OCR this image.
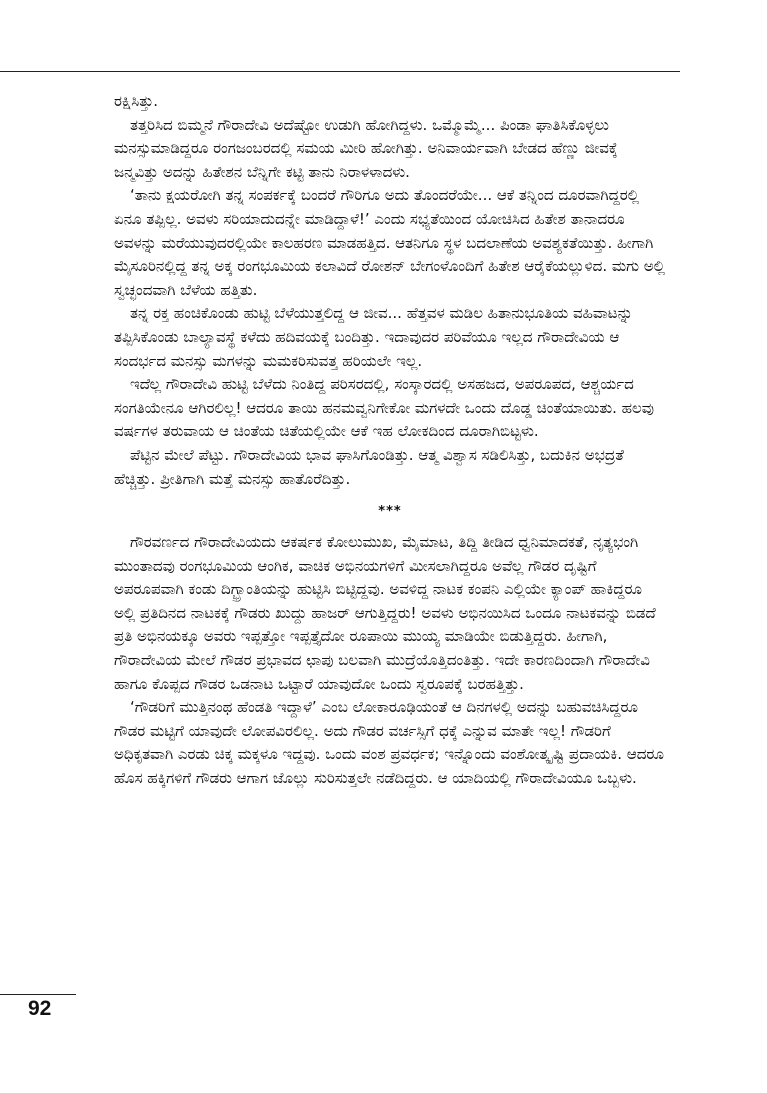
ರಕ್ಷಿಸಿತ್ತು.

ತತ್ತರಿಸಿದ ಬಿಮ್ಮನೆ ಗೌರಾದೇವಿ ಅದೆಷ್ಟೋ ಉಡುಗಿ ಹೋಗಿದ್ದಳು. ಒಮ್ಮೊಮ್ಮೆ... ಪಿಂಡಾ ಘಾತಿಸಿಕೊಳ್ಳಲು ಮನಸ್ಸುಮಾಡಿದ್ದರೂ ರಂಗಜಂಬರದಲ್ಲಿ ಸಮಯ ಮೀರಿ ಹೋಗಿತ್ತು. ಅನಿವಾರ್ಯವಾಗಿ ಬೇಡದ ಹೆಣ್ಣು ಜೀವಕ್ಕೆ ಜನ್ಮವಿತ್ತು ಅದನ್ನು ಹಿತೇಶನ ಬೆನ್ನಿಗೇ ಕಟ್ಟಿ ತಾನು ನಿರಾಳಳಾದಳು.

‘ತಾನು ಕ್ಷಯರೋಗಿ ತನ್ನ ಸಂಪರ್ಕಕ್ಕೆ ಬಂದರೆ ಗೌರಿಗೂ ಅದು ತೊಂದರೆಯೇ... ಆಕೆ ತನ್ನಿಂದ ದೂರವಾಗಿದ್ದರಲ್ಲಿ ಏನೂ ತಪ್ಪಿಲ್ಲ. ಅವಳು ಸರಿಯಾದುದನ್ನೇ ಮಾಡಿದ್ದಾಳೆ!’ ಎಂದು ಸಭ್ಯತೆಯಿಂದ ಯೋಚಿಸಿದ ಹಿತೇಶ ತಾನಾದರೂ ಅವಳನ್ನು ಮರೆಯುವುದರಲ್ಲಿಯೇ ಕಾಲಹರಣ ಮಾಡಹತ್ತಿದ. ಆತನಿಗೂ ಸ್ಥಳ ಬದಲಾಣೆಯ ಅವಶ್ಯಕತೆಯಿತ್ತು. ಹೀಗಾಗಿ ಮೈಸೂರಿನಲ್ಲಿದ್ದ ತನ್ನ ಅಕ್ಕ ರಂಗಭೂಮಿಯ ಕಲಾವಿದೆ ರೋಶನ್ ಬೇಗಂಳೊಂದಿಗೆ ಹಿತೇಶ ಆರೈಕೆಯಲ್ಲುಳಿದ. ಮಗು ಅಲ್ಲಿ ಸ್ವಚ್ಛಂದವಾಗಿ ಬೆಳೆಯ ಹತ್ತಿತು.

ತನ್ನ ರಕ್ತ ಹಂಚಿಕೊಂಡು ಹುಟ್ಟಿ ಬೆಳೆಯುತ್ತಲಿದ್ದ ಆ ಜೀವ... ಹೆತ್ತವಳ ಮಡಿಲ ಹಿತಾನುಭೂತಿಯ ವಹಿವಾಟನ್ನು ತಪ್ಪಿಸಿಕೊಂಡು ಬಾಲ್ಯಾವಸ್ಥೆ ಕಳೆದು ಹದಿವಯಕ್ಕೆ ಬಂದಿತ್ತು. ಇದಾವುದರ ಪರಿವೆಯೂ ಇಲ್ಲದ ಗೌರಾದೇವಿಯ ಆ ಸಂದರ್ಭದ ಮನಸ್ಸು ಮಗಳನ್ನು ಮಮಕರಿಸುವತ್ತ ಹರಿಯಲೇ ಇಲ್ಲ.

ಇದೆಲ್ಲ ಗೌರಾದೇವಿ ಹುಟ್ಟಿ ಬೆಳೆದು ನಿಂತಿದ್ದ ಪರಿಸರದಲ್ಲಿ, ಸಂಸ್ಕಾರದಲ್ಲಿ ಅಸಹಜದ, ಅಪರೂಪದ, ಆಶ್ಚರ್ಯದ ಸಂಗತಿಯೇನೂ ಆಗಿರಲಿಲ್ಲ! ಆದರೂ ತಾಯಿ ಹನಮವ್ವನಿಗೇಕೋ ಮಗಳದೇ ಒಂದು ದೊಡ್ಡ ಚಿಂತೆಯಾಯಿತು. ಹಲವು ವರ್ಷಗಳ ತರುವಾಯ ಆ ಚಿಂತೆಯ ಚಿತೆಯಲ್ಲಿಯೇ ಆಕೆ ಇಹ ಲೋಕದಿಂದ ದೂರಾಗಿಬಿಟ್ಟಳು.

ಪೆಟ್ಟಿನ ಮೇಲೆ ಪೆಟ್ಟು. ಗೌರಾದೇವಿಯ ಭಾವ ಘಾಸಿಗೊಂಡಿತ್ತು. ಆತ್ಮ ವಿಶ್ವಾಸ ಸಡಿಲಿಸಿತ್ತು, ಬದುಕಿನ ಅಭದ್ರತೆ ಹೆಚ್ಚಿತ್ತು. ಪ್ರೀತಿಗಾಗಿ ಮತ್ತೆ ಮನಸ್ಸು ಹಾತೊರೆದಿತ್ತು.

***

ಗೌರವರ್ಣದ ಗೌರಾದೇವಿಯದು ಆಕರ್ಷಕ ಕೋಲುಮುಖ, ಮೈಮಾಟ, ತಿದ್ದಿ ತೀಡಿದ ಧ್ವನಿಮಾದಕತೆ, ನೃತ್ಯಭಂಗಿ ಮುಂತಾದವು ರಂಗಭೂಮಿಯ ಆಂಗಿಕ, ವಾಚಿಕ ಅಭಿನಯಗಳಿಗೆ ಮೀಸಲಾಗಿದ್ದರೂ ಅವೆಲ್ಲ ಗೌಡರ ದೃಷ್ಟಿಗೆ ಅಪರೂಪವಾಗಿ ಕಂಡು ದಿಗ್ಭ್ರಾಂತಿಯನ್ನು ಹುಟ್ಟಿಸಿ ಬಿಟ್ಟಿದ್ದವು. ಅವಳಿದ್ದ ನಾಟಕ ಕಂಪನಿ ಎಲ್ಲಿಯೇ ಕ್ಯಾಂಪ್ ಹಾಕಿದ್ದರೂ ಅಲ್ಲಿ ಪ್ರತಿದಿನದ ನಾಟಕಕ್ಕೆ ಗೌಡರು ಖುದ್ದು ಹಾಜರ್ ಆಗುತ್ತಿದ್ದರು! ಅವಳು ಅಭಿನಯಿಸಿದ ಒಂದೂ ನಾಟಕವನ್ನು ಬಿಡದೆ ಪ್ರತಿ ಅಭಿನಯಕ್ಕೂ ಅವರು ಇಪ್ಪತ್ತೋ ಇಪ್ಪತ್ತೈದೋ ರೂಪಾಯಿ ಮುಯ್ಯ ಮಾಡಿಯೇ ಬಿಡುತ್ತಿದ್ದರು. ಹೀಗಾಗಿ, ಗೌರಾದೇವಿಯ ಮೇಲೆ ಗೌಡರ ಪ್ರಭಾವದ ಛಾಪು ಬಲವಾಗಿ ಮುದ್ರೆಯೊತ್ತಿದಂತಿತ್ತು. ಇದೇ ಕಾರಣದಿಂದಾಗಿ ಗೌರಾದೇವಿ ಹಾಗೂ ಕೊಪ್ಪದ ಗೌಡರ ಒಡನಾಟ ಒಟ್ಟಾರೆ ಯಾವುದೋ ಒಂದು ಸ್ವರೂಪಕ್ಕೆ ಬರಹತ್ತಿತ್ತು.

‘ಗೌಡರಿಗೆ ಮುತ್ತಿನಂಥ ಹೆಂಡತಿ ಇದ್ದಾಳೆ’ ಎಂಬ ಲೋಕಾರೂಢಿಯಂತೆ ಆ ದಿನಗಳಲ್ಲಿ ಅದನ್ನು ಬಹುವಚಿಸಿದ್ದರೂ ಗೌಡರ ಮಟ್ಟಿಗೆ ಯಾವುದೇ ಲೋಪವಿರಲಿಲ್ಲ. ಅದು ಗೌಡರ ವರ್ಚಸ್ಸಿಗೆ ಧಕ್ಕೆ ಎನ್ನುವ ಮಾತೇ ಇಲ್ಲ! ಗೌಡರಿಗೆ ಅಧಿಕೃತವಾಗಿ ಎರಡು ಚಿಕ್ಕ ಮಕ್ಕಳೂ ಇದ್ದವು. ಒಂದು ವಂಶ ಪ್ರವರ್ಧಕ; ಇನ್ನೊಂದು ವಂಶೋತ್ಕೃಷ್ಟಿ ಪ್ರದಾಯಕಿ. ಆದರೂ ಹೊಸ ಹಕ್ಕಿಗಳಿಗೆ ಗೌಡರು ಆಗಾಗ ಜೊಲ್ಲು ಸುರಿಸುತ್ತಲೇ ನಡೆದಿದ್ದರು. ಆ ಯಾದಿಯಲ್ಲಿ ಗೌರಾದೇವಿಯೂ ಒಬ್ಬಳು.

92
